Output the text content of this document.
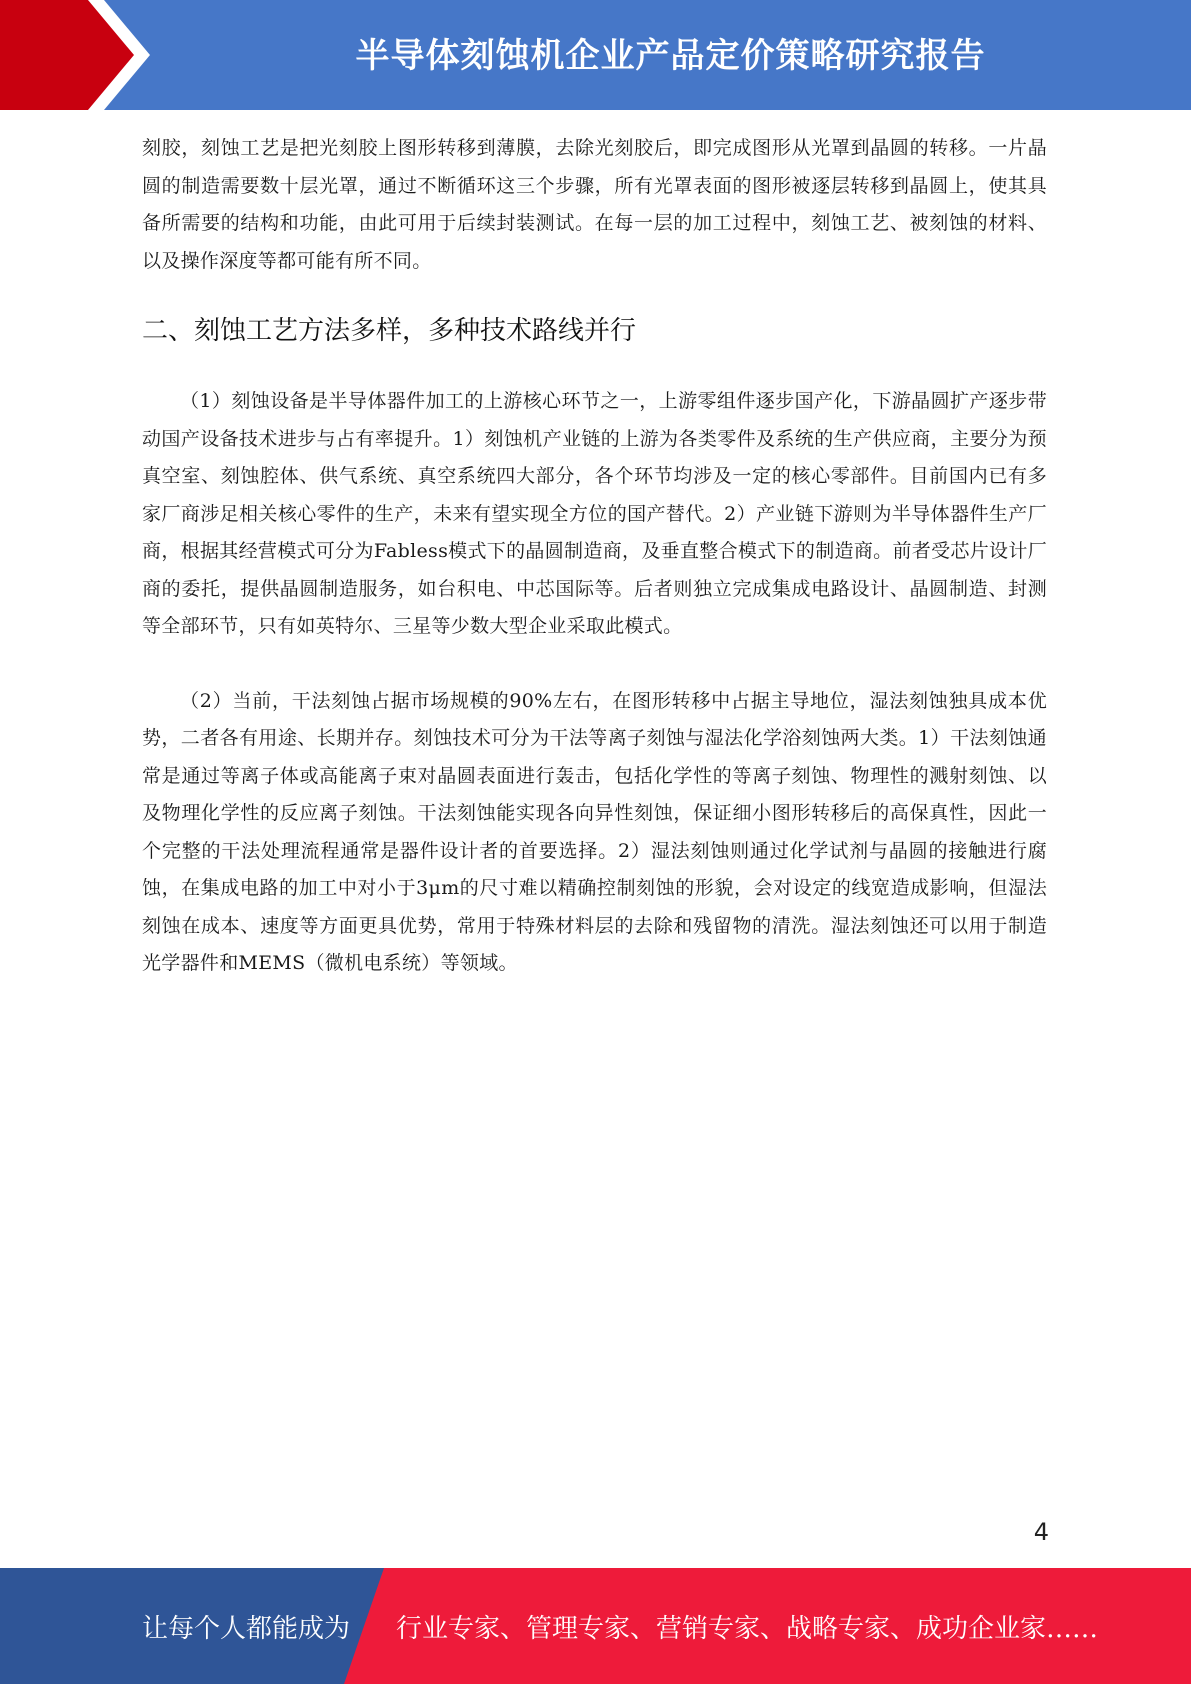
半导体刻蚀机企业产品定价策略研究报告

刻胶，刻蚀工艺是把光刻胶上图形转移到薄膜，去除光刻胶后，即完成图形从光罩到晶圆的转移。一片晶圆的制造需要数十层光罩，通过不断循环这三个步骤，所有光罩表面的图形被逐层转移到晶圆上，使其具备所需要的结构和功能，由此可用于后续封装测试。在每一层的加工过程中，刻蚀工艺、被刻蚀的材料、以及操作深度等都可能有所不同。

二、刻蚀工艺方法多样，多种技术路线并行

（1）刻蚀设备是半导体器件加工的上游核心环节之一，上游零组件逐步国产化，下游晶圆扩产逐步带动国产设备技术进步与占有率提升。1）刻蚀机产业链的上游为各类零件及系统的生产供应商，主要分为预真空室、刻蚀腔体、供气系统、真空系统四大部分，各个环节均涉及一定的核心零部件。目前国内已有多家厂商涉足相关核心零件的生产，未来有望实现全方位的国产替代。2）产业链下游则为半导体器件生产厂商，根据其经营模式可分为Fabless模式下的晶圆制造商，及垂直整合模式下的制造商。前者受芯片设计厂商的委托，提供晶圆制造服务，如台积电、中芯国际等。后者则独立完成集成电路设计、晶圆制造、封测等全部环节，只有如英特尔、三星等少数大型企业采取此模式。

（2）当前，干法刻蚀占据市场规模的90%左右，在图形转移中占据主导地位，湿法刻蚀独具成本优势，二者各有用途、长期并存。刻蚀技术可分为干法等离子刻蚀与湿法化学浴刻蚀两大类。1）干法刻蚀通常是通过等离子体或高能离子束对晶圆表面进行轰击，包括化学性的等离子刻蚀、物理性的溅射刻蚀、以及物理化学性的反应离子刻蚀。干法刻蚀能实现各向异性刻蚀，保证细小图形转移后的高保真性，因此一个完整的干法处理流程通常是器件设计者的首要选择。2）湿法刻蚀则通过化学试剂与晶圆的接触进行腐蚀，在集成电路的加工中对小于3μm的尺寸难以精确控制刻蚀的形貌，会对设定的线宽造成影响，但湿法刻蚀在成本、速度等方面更具优势，常用于特殊材料层的去除和残留物的清洗。湿法刻蚀还可以用于制造光学器件和MEMS（微机电系统）等领域。

4
让每个人都能成为 行业专家、管理专家、营销专家、战略专家、成功企业家……
